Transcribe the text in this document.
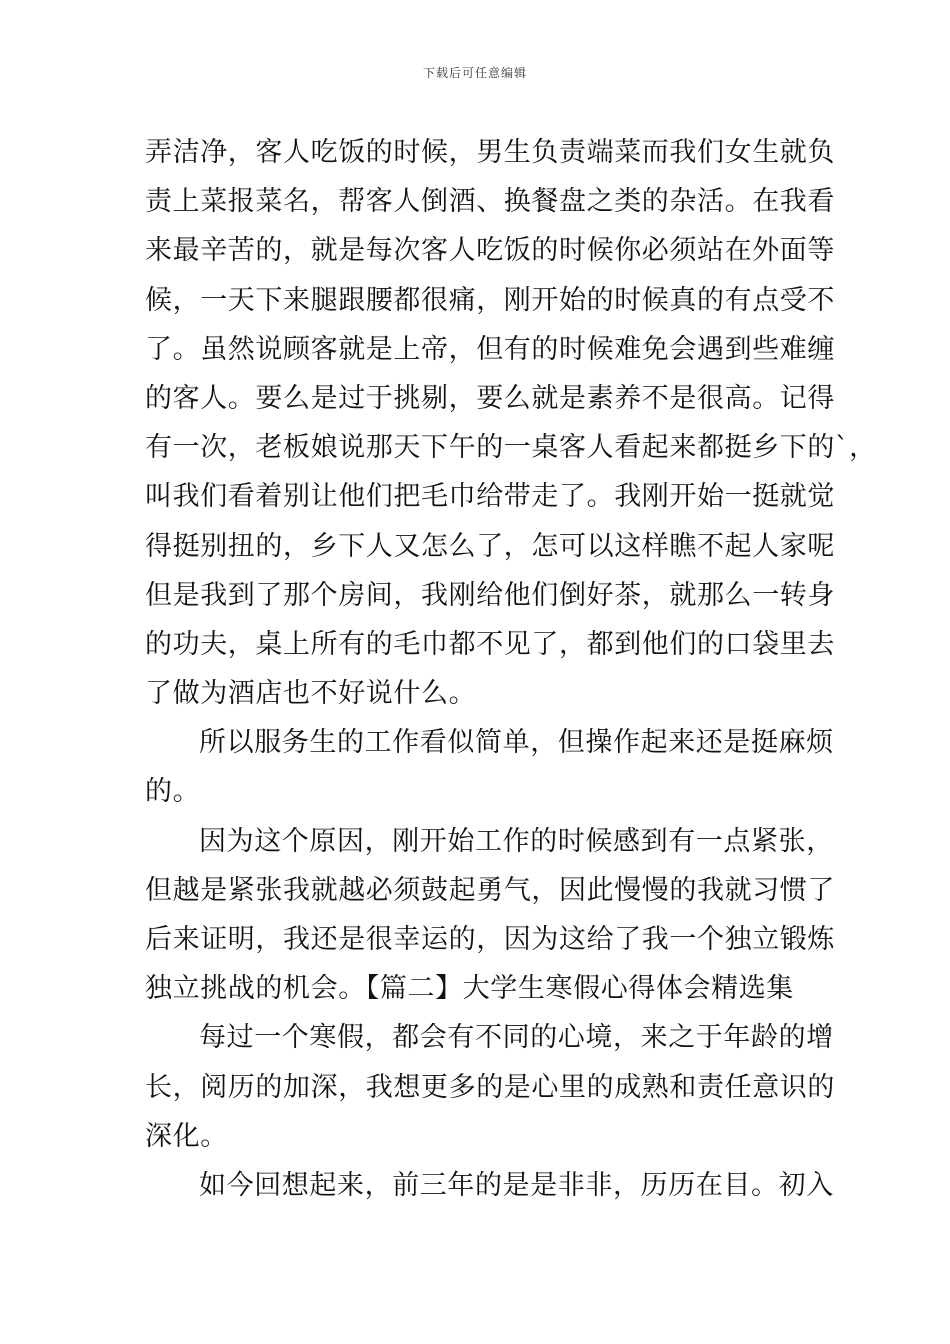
下载后可任意编辑
弄洁净，客人吃饭的时候，男生负责端菜而我们女生就负
责上菜报菜名，帮客人倒酒、换餐盘之类的杂活。在我看
来最辛苦的，就是每次客人吃饭的时候你必须站在外面等
候，一天下来腿跟腰都很痛，刚开始的时候真的有点受不
了。虽然说顾客就是上帝，但有的时候难免会遇到些难缠
的客人。要么是过于挑剔，要么就是素养不是很高。记得
有一次，老板娘说那天下午的一桌客人看起来都挺乡下的`，
叫我们看着别让他们把毛巾给带走了。我刚开始一挺就觉
得挺别扭的，乡下人又怎么了，怎可以这样瞧不起人家呢
但是我到了那个房间，我刚给他们倒好茶，就那么一转身
的功夫，桌上所有的毛巾都不见了，都到他们的口袋里去
了做为酒店也不好说什么。
所以服务生的工作看似简单，但操作起来还是挺麻烦
的。
因为这个原因，刚开始工作的时候感到有一点紧张，
但越是紧张我就越必须鼓起勇气，因此慢慢的我就习惯了
后来证明，我还是很幸运的，因为这给了我一个独立锻炼
独立挑战的机会。【篇二】大学生寒假心得体会精选集
每过一个寒假，都会有不同的心境，来之于年龄的增
长，阅历的加深，我想更多的是心里的成熟和责任意识的
深化。
如今回想起来，前三年的是是非非，历历在目。初入
